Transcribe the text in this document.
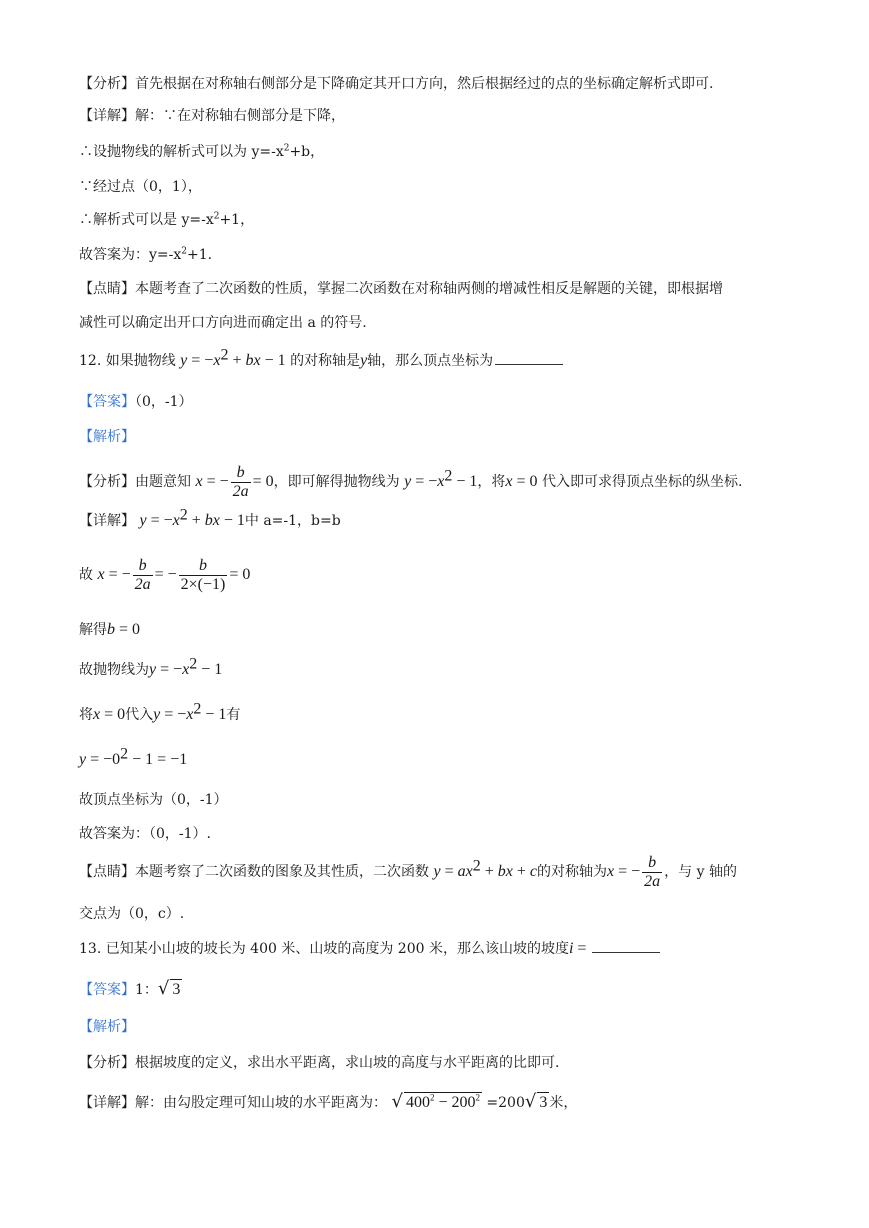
【分析】首先根据在对称轴右侧部分是下降确定其开口方向，然后根据经过的点的坐标确定解析式即可.
【详解】解：∵在对称轴右侧部分是下降，
∴设抛物线的解析式可以为 $y=-x^2+b$，
∵经过点（0，1），
∴解析式可以是 $y=-x^2+1$，
故答案为：$y=-x^2+1$.
【点睛】本题考查了二次函数的性质，掌握二次函数在对称轴两侧的增减性相反是解题的关键，即根据增
减性可以确定出开口方向进而确定出 a 的符号.
12. 如果抛物线 $y = -x^2$ + bx − 1 的对称轴是y轴，那么顶点坐标为
【答案】（0，-1）
【解析】
【分析】由题意知 x = − $\frac{b}{2a} = 0$，即可解得抛物线为 $y = -x^2 - 1$，将x = 0 代入即可求得顶点坐标的纵坐标.
【详解】 $y = -x^2$ + bx − 1中 a=-1，b=b
故 x = − $\frac{b}{2a}$ = − $\frac{b}{2\times(-1)} = 0$
解得b = 0
故抛物线为$y = -x^2 - 1$
将x = 0代入$y = -x^2 - 1$有
$y = -0^2 - 1 = -1$
故顶点坐标为（0，-1）
故答案为：（0，-1）.
【点睛】本题考察了二次函数的图象及其性质，二次函数 $y = ax^2$ + bx + c的对称轴为x = − $\frac{b}{2a}$ ，与 y 轴的
交点为（0，c）.
13. 已知某小山坡的坡长为 400 米、山坡的高度为 200 米，那么该山坡的坡度i =
【答案】1：√ 3
【解析】
【分析】根据坡度的定义，求出水平距离，求山坡的高度与水平距离的比即可.
【详解】解：由勾股定理可知山坡的水平距离为： √ $400^2 - 200^2 =200√$ 3 米，
